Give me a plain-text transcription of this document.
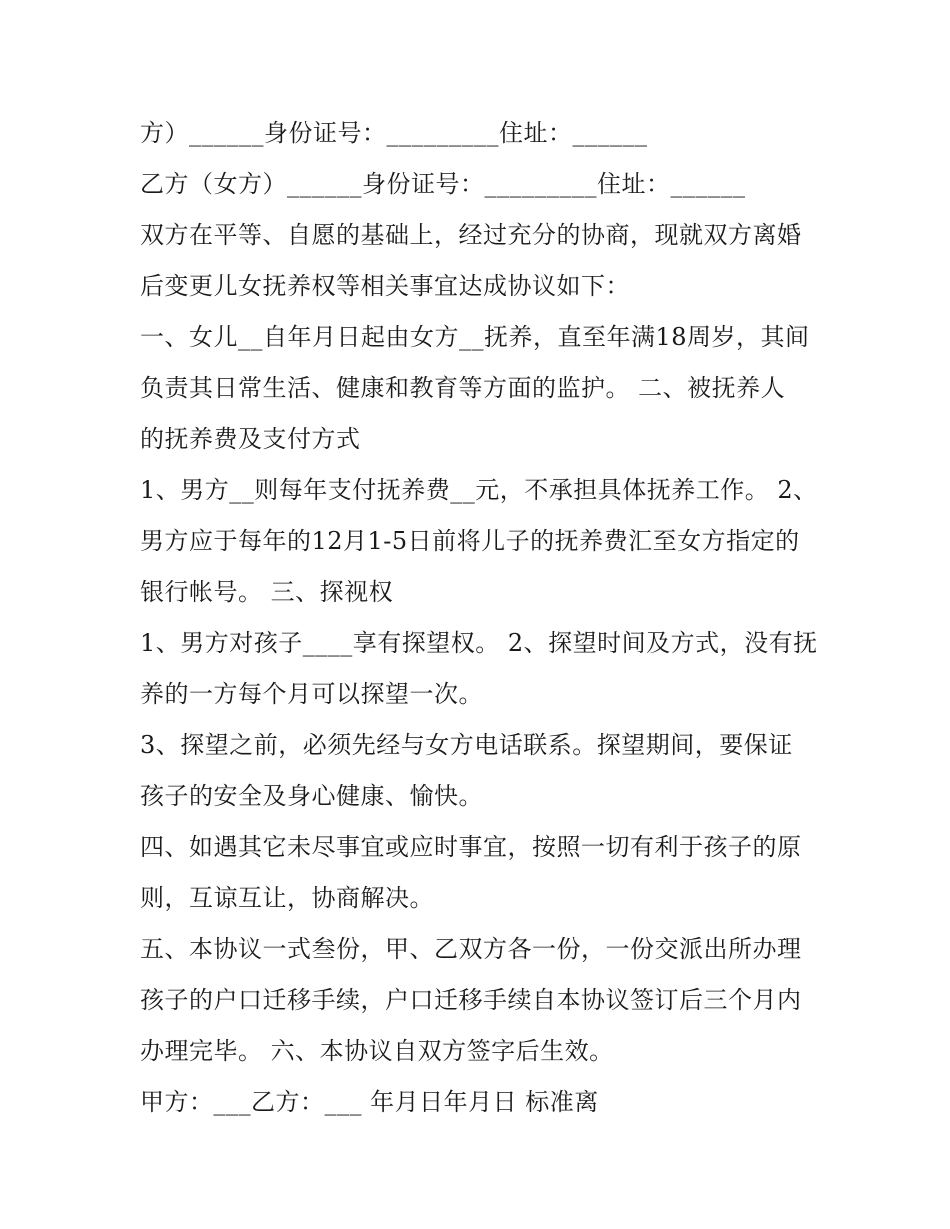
方）______身份证号：_________住址：______
乙方（女方）______身份证号：_________住址：______
双方在平等、自愿的基础上，经过充分的协商，现就双方离婚
后变更儿女抚养权等相关事宜达成协议如下：
一、女儿__自年月日起由女方__抚养，直至年满18周岁，其间
负责其日常生活、健康和教育等方面的监护。 二、被抚养人
的抚养费及支付方式
1、男方__则每年支付抚养费__元，不承担具体抚养工作。 2、
男方应于每年的12月1-5日前将儿子的抚养费汇至女方指定的
银行帐号。 三、探视权
1、男方对孩子____享有探望权。 2、探望时间及方式，没有抚
养的一方每个月可以探望一次。
3、探望之前，必须先经与女方电话联系。探望期间，要保证
孩子的安全及身心健康、愉快。
四、如遇其它未尽事宜或应时事宜，按照一切有利于孩子的原
则，互谅互让，协商解决。
五、本协议一式叁份，甲、乙双方各一份，一份交派出所办理
孩子的户口迁移手续，户口迁移手续自本协议签订后三个月内
办理完毕。 六、本协议自双方签字后生效。
甲方：___乙方：___ 年月日年月日 标准离
